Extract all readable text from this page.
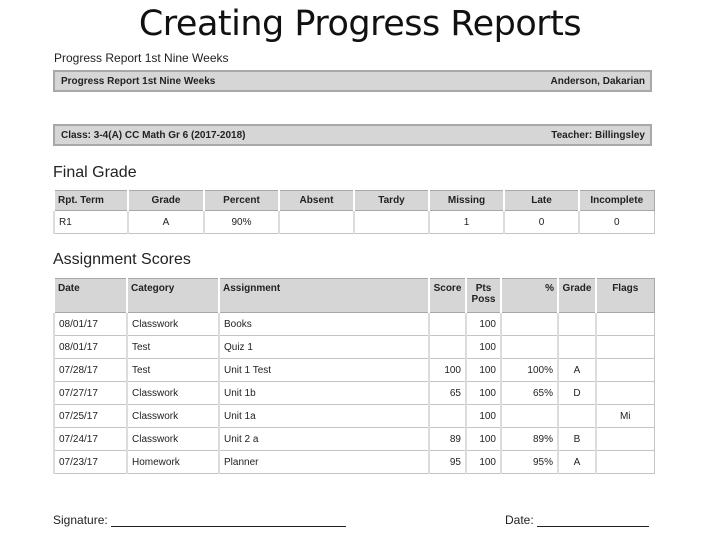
Creating Progress Reports
Progress Report 1st Nine Weeks
Progress Report 1st Nine Weeks	Anderson, Dakarian
Class: 3-4(A) CC Math Gr 6 (2017-2018)	Teacher: Billingsley
Final Grade
Rpt. Term	Grade	Percent	Absent	Tardy	Missing	Late	Incomplete
R1	A	90%			1	0	0
Assignment Scores
Date	Category	Assignment	Score	Pts Poss	%	Grade	Flags
08/01/17	Classwork	Books		100			
08/01/17	Test	Quiz 1		100			
07/28/17	Test	Unit 1 Test	100	100	100%	A	
07/27/17	Classwork	Unit 1b	65	100	65%	D	
07/25/17	Classwork	Unit 1a		100			Mi
07/24/17	Classwork	Unit 2 a	89	100	89%	B	
07/23/17	Homework	Planner	95	100	95%	A	
Signature:	Date:
